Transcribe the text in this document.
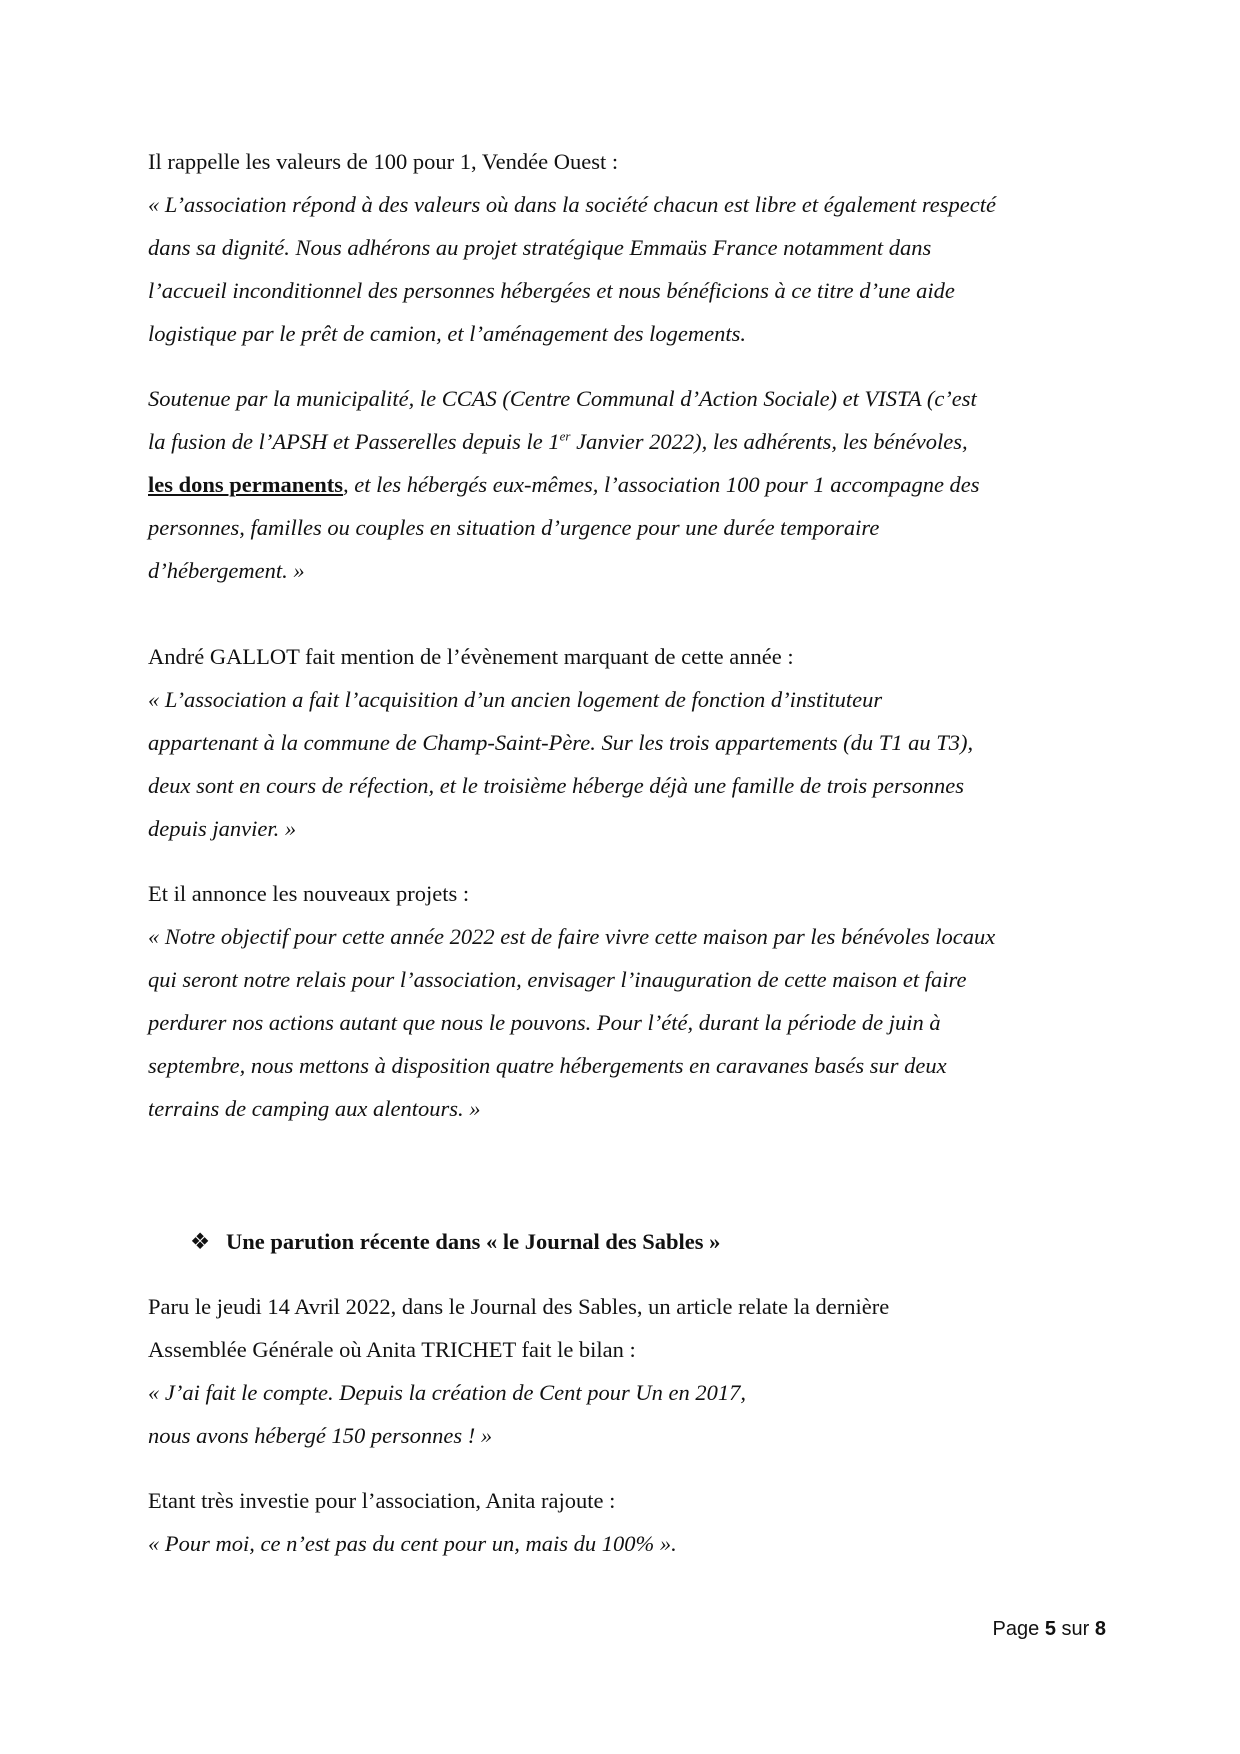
Il rappelle les valeurs de 100 pour 1, Vendée Ouest :

« L’association répond à des valeurs où dans la société chacun est libre et également respecté

dans sa dignité. Nous adhérons au projet stratégique Emmaüs France notamment dans

l’accueil inconditionnel des personnes hébergées et nous bénéficions à ce titre d’une aide

logistique par le prêt de camion, et l’aménagement des logements.

Soutenue par la municipalité, le CCAS (Centre Communal d’Action Sociale) et VISTA (c’est

la fusion de l’APSH et Passerelles depuis le 1er Janvier 2022), les adhérents, les bénévoles,

les dons permanents, et les hébergés eux-mêmes, l’association 100 pour 1 accompagne des

personnes, familles ou couples en situation d’urgence pour une durée temporaire

d’hébergement. »

André GALLOT fait mention de l’évènement marquant de cette année :

« L’association a fait l’acquisition d’un ancien logement de fonction d’instituteur

appartenant à la commune de Champ-Saint-Père. Sur les trois appartements (du T1 au T3),

deux sont en cours de réfection, et le troisième héberge déjà une famille de trois personnes

depuis janvier. »

Et il annonce les nouveaux projets :

« Notre objectif pour cette année 2022 est de faire vivre cette maison par les bénévoles locaux

qui seront notre relais pour l’association, envisager l’inauguration de cette maison et faire

perdurer nos actions autant que nous le pouvons. Pour l’été, durant la période de juin à

septembre, nous mettons à disposition quatre hébergements en caravanes basés sur deux

terrains de camping aux alentours. »

❖ Une parution récente dans « le Journal des Sables »

Paru le jeudi 14 Avril 2022, dans le Journal des Sables, un article relate la dernière

Assemblée Générale où Anita TRICHET fait le bilan :

« J’ai fait le compte. Depuis la création de Cent pour Un en 2017,

nous avons hébergé 150 personnes ! »

Etant très investie pour l’association, Anita rajoute :

« Pour moi, ce n’est pas du cent pour un, mais du 100% ».

Page 5 sur 8
